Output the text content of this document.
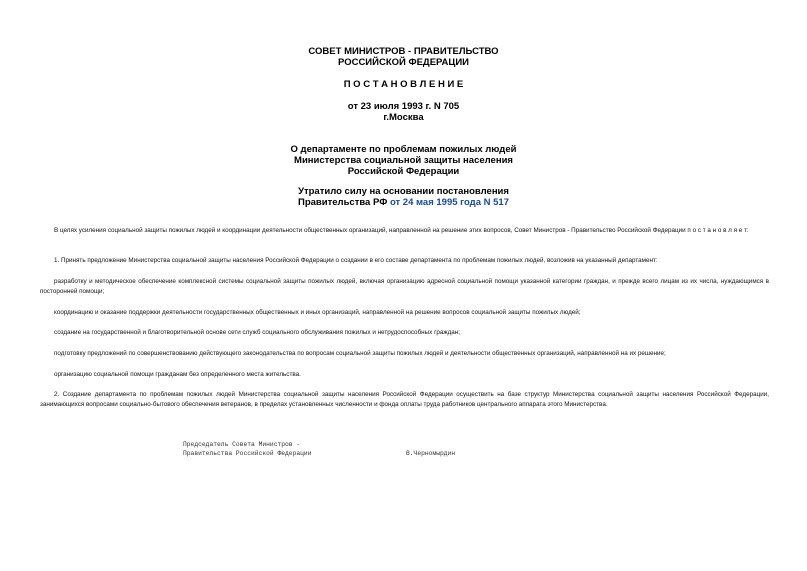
СОВЕТ МИНИСТРОВ - ПРАВИТЕЛЬСТВО
РОССИЙСКОЙ ФЕДЕРАЦИИ
П О С Т А Н О В Л Е Н И Е
от 23 июля 1993 г. N 705
г.Москва
О департаменте по проблемам пожилых людей
Министерства социальной защиты населения
Российской Федерации
Утратило силу на основании постановления
Правительства РФ от 24 мая 1995 года N 517
В целях усиления социальной защиты пожилых людей и координации деятельности общественных организаций, направленной на решение этих вопросов, Совет Министров - Правительство Российской Федерации п о с т а н о в л я е т:
1. Принять предложение Министерства социальной защиты населения Российской Федерации о создании в его составе департамента по проблемам пожилых людей, возложив на указанный департамент:
разработку и методическое обеспечение комплексной системы социальной защиты пожилых людей, включая организацию адресной социальной помощи указанной категории граждан, и прежде всего лицам из их числа, нуждающимся в посторонней помощи;
координацию и оказание поддержки деятельности государственных общественных и иных организаций, направленной на решение вопросов социальной защиты пожилых людей;
создание на государственной и благотворительной основе сети служб социального обслуживания пожилых и нетрудоспособных граждан;
подготовку предложений по совершенствованию действующего законодательства по вопросам социальной защиты пожилых людей и деятельности общественных организаций, направленной на их решение;
организацию социальной помощи гражданам без определенного места жительства.
2. Создание департамента по проблемам пожилых людей Министерства социальной защиты населения Российской Федерации осуществить на базе структур Министерства социальной защиты населения Российской Федерации, занимающихся вопросами социально-бытового обеспечения ветеранов, в пределах установленных численности и фонда оплаты труда работников центрального аппарата этого Министерства.
Председатель Совета Министров -
Правительства Российской Федерации	В.Черномырдин
